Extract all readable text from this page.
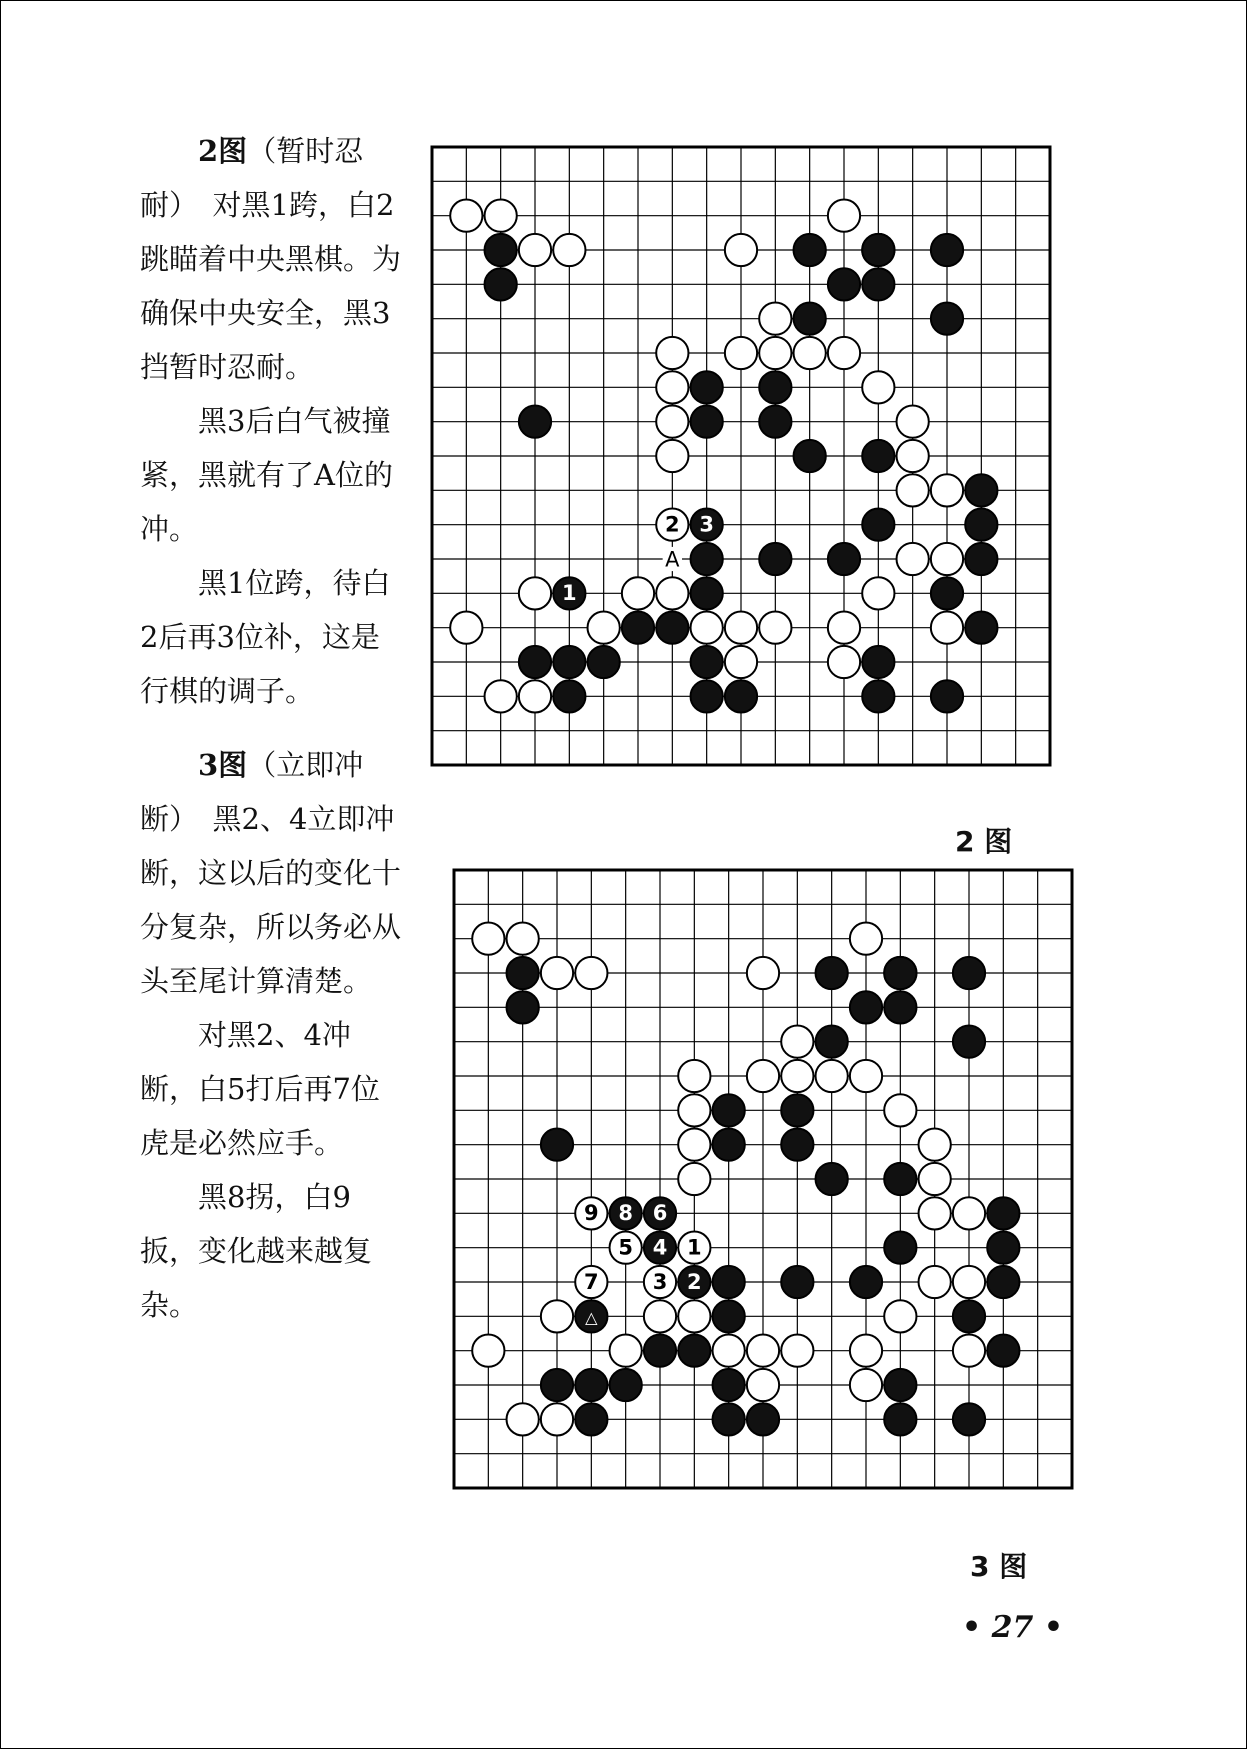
2图（暂时忍耐）　对黑1跨，白2跳瞄着中央黑棋。为确保中央安全，黑3挡暂时忍耐。

黑3后白气被撞紧，黑就有了A位的冲。

黑1位跨，待白2后再3位补，这是行棋的调子。

3图（立即冲断）　黑2、4立即冲断，这以后的变化十分复杂，所以务必从头至尾计算清楚。

对黑2、4冲断，白5打后再7位虎是必然应手。

黑8拐，白9扳，变化越来越复杂。

1
2 3
A
2 图
9 8 6
5 4 1
7	3 2
△
3 图
• 27 •
